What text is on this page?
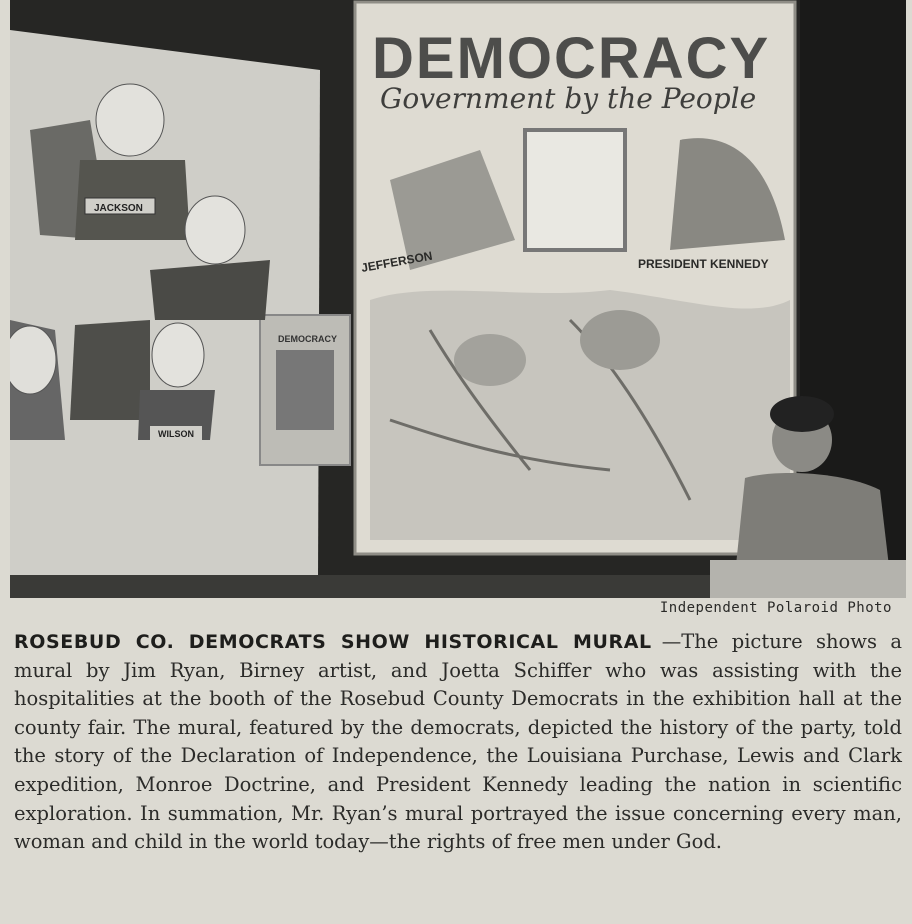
DEMOCRACY
JACKSON
WILSON
DEMOCRACY
Government by the People
JEFFERSON	PRESIDENT KENNEDY
Independent Polaroid Photo
ROSEBUD CO. DEMOCRATS SHOW HISTORICAL MURAL —The picture shows a mural by Jim Ryan, Birney artist, and Joetta Schiffer who was assisting with the hospitalities at the booth of the Rosebud County Democrats in the exhibition hall at the county fair. The mural, featured by the democrats, depicted the history of the party, told the story of the Declaration of Independence, the Louisiana Purchase, Lewis and Clark expedition, Monroe Doctrine, and President Kennedy leading the nation in scientific exploration. In summation, Mr. Ryan’s mural portrayed the issue concerning every man, woman and child in the world today—the rights of free men under God.
